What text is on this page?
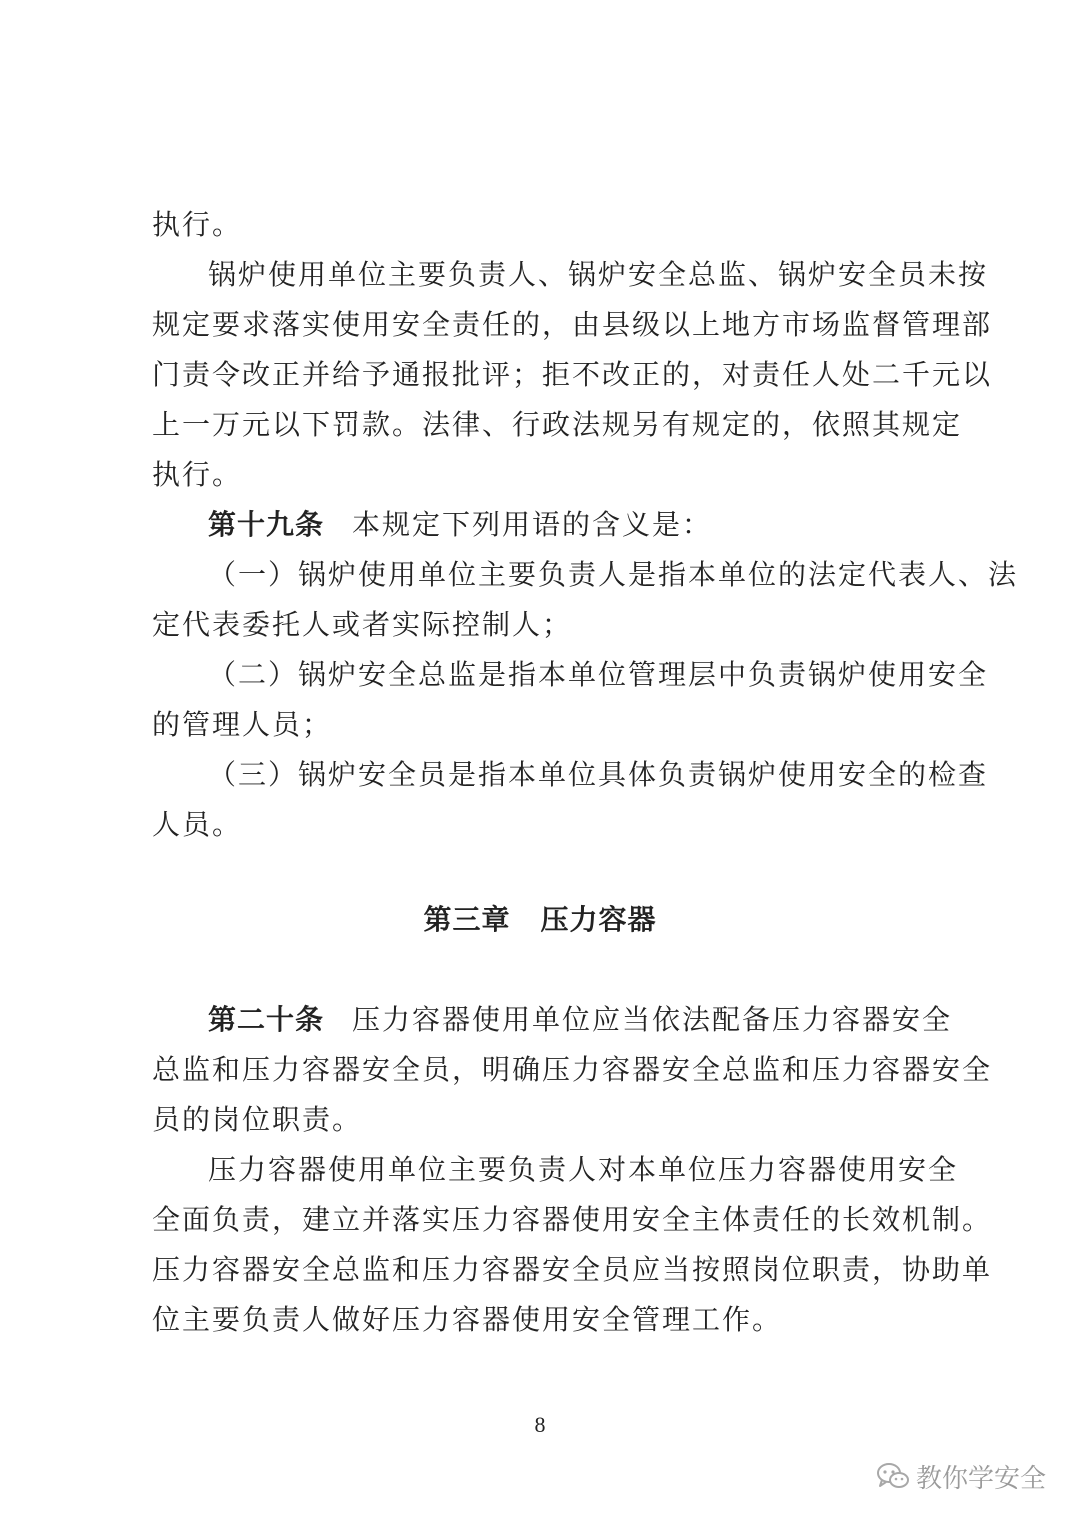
执行。
锅炉使用单位主要负责人、锅炉安全总监、锅炉安全员未按
规定要求落实使用安全责任的，由县级以上地方市场监督管理部
门责令改正并给予通报批评；拒不改正的，对责任人处二千元以
上一万元以下罚款。法律、行政法规另有规定的，依照其规定
执行。
第十九条 本规定下列用语的含义是：
（一）锅炉使用单位主要负责人是指本单位的法定代表人、法
定代表委托人或者实际控制人；
（二）锅炉安全总监是指本单位管理层中负责锅炉使用安全
的管理人员；
（三）锅炉安全员是指本单位具体负责锅炉使用安全的检查
人员。
第三章 压力容器
第二十条 压力容器使用单位应当依法配备压力容器安全
总监和压力容器安全员，明确压力容器安全总监和压力容器安全
员的岗位职责。
压力容器使用单位主要负责人对本单位压力容器使用安全
全面负责，建立并落实压力容器使用安全主体责任的长效机制。
压力容器安全总监和压力容器安全员应当按照岗位职责，协助单
位主要负责人做好压力容器使用安全管理工作。
8
教你学安全
